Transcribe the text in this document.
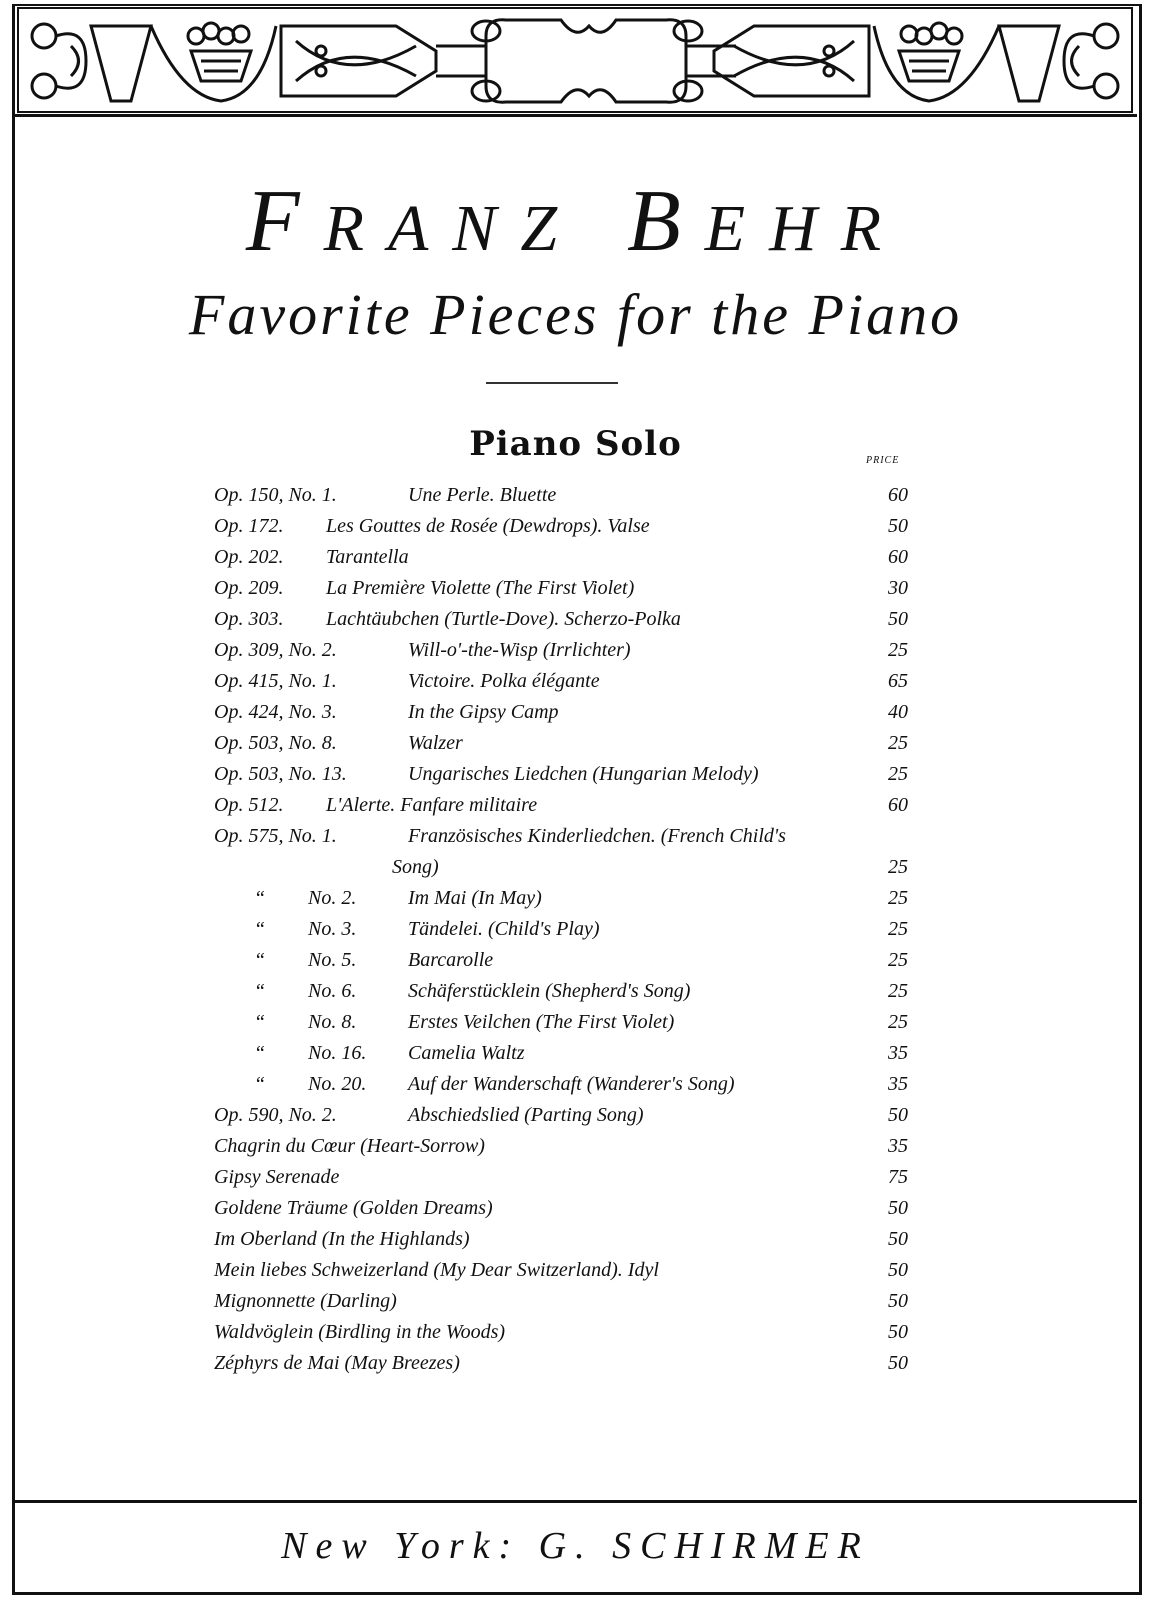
FRANZ BEHR
Favorite Pieces for the Piano
Piano Solo	PRICE
Op. 150, No. 1.	Une Perle. Bluette	60
Op. 172. Les Gouttes de Rosée (Dewdrops). Valse	50
Op. 202. Tarantella	60
Op. 209. La Première Violette (The First Violet)	30
Op. 303. Lachtäubchen (Turtle-Dove). Scherzo-Polka	50
Op. 309, No. 2.	Will-o'-the-Wisp (Irrlichter)	25
Op. 415, No. 1.	Victoire. Polka élégante	65
Op. 424, No. 3.	In the Gipsy Camp	40
Op. 503, No. 8.	Walzer	25
Op. 503, No. 13.	Ungarisches Liedchen (Hungarian Melody)	25
Op. 512. L'Alerte. Fanfare militaire	60
Op. 575, No. 1.	Französisches Kinderliedchen. (French Child's
Song)	25
“ No. 2.	Im Mai (In May)	25
“ No. 3.	Tändelei. (Child's Play)	25
“ No. 5.	Barcarolle	25
“ No. 6.	Schäferstücklein (Shepherd's Song)	25
“ No. 8.	Erstes Veilchen (The First Violet)	25
“ No. 16. Camelia Waltz	35
“ No. 20. Auf der Wanderschaft (Wanderer's Song)	35
Op. 590, No. 2.	Abschiedslied (Parting Song)	50
Chagrin du Cœur (Heart-Sorrow)	35
Gipsy Serenade	75
Goldene Träume (Golden Dreams)	50
Im Oberland (In the Highlands)	50
Mein liebes Schweizerland (My Dear Switzerland). Idyl	50
Mignonnette (Darling)	50
Waldvöglein (Birdling in the Woods)	50
Zéphyrs de Mai (May Breezes)	50
New York: G. SCHIRMER
